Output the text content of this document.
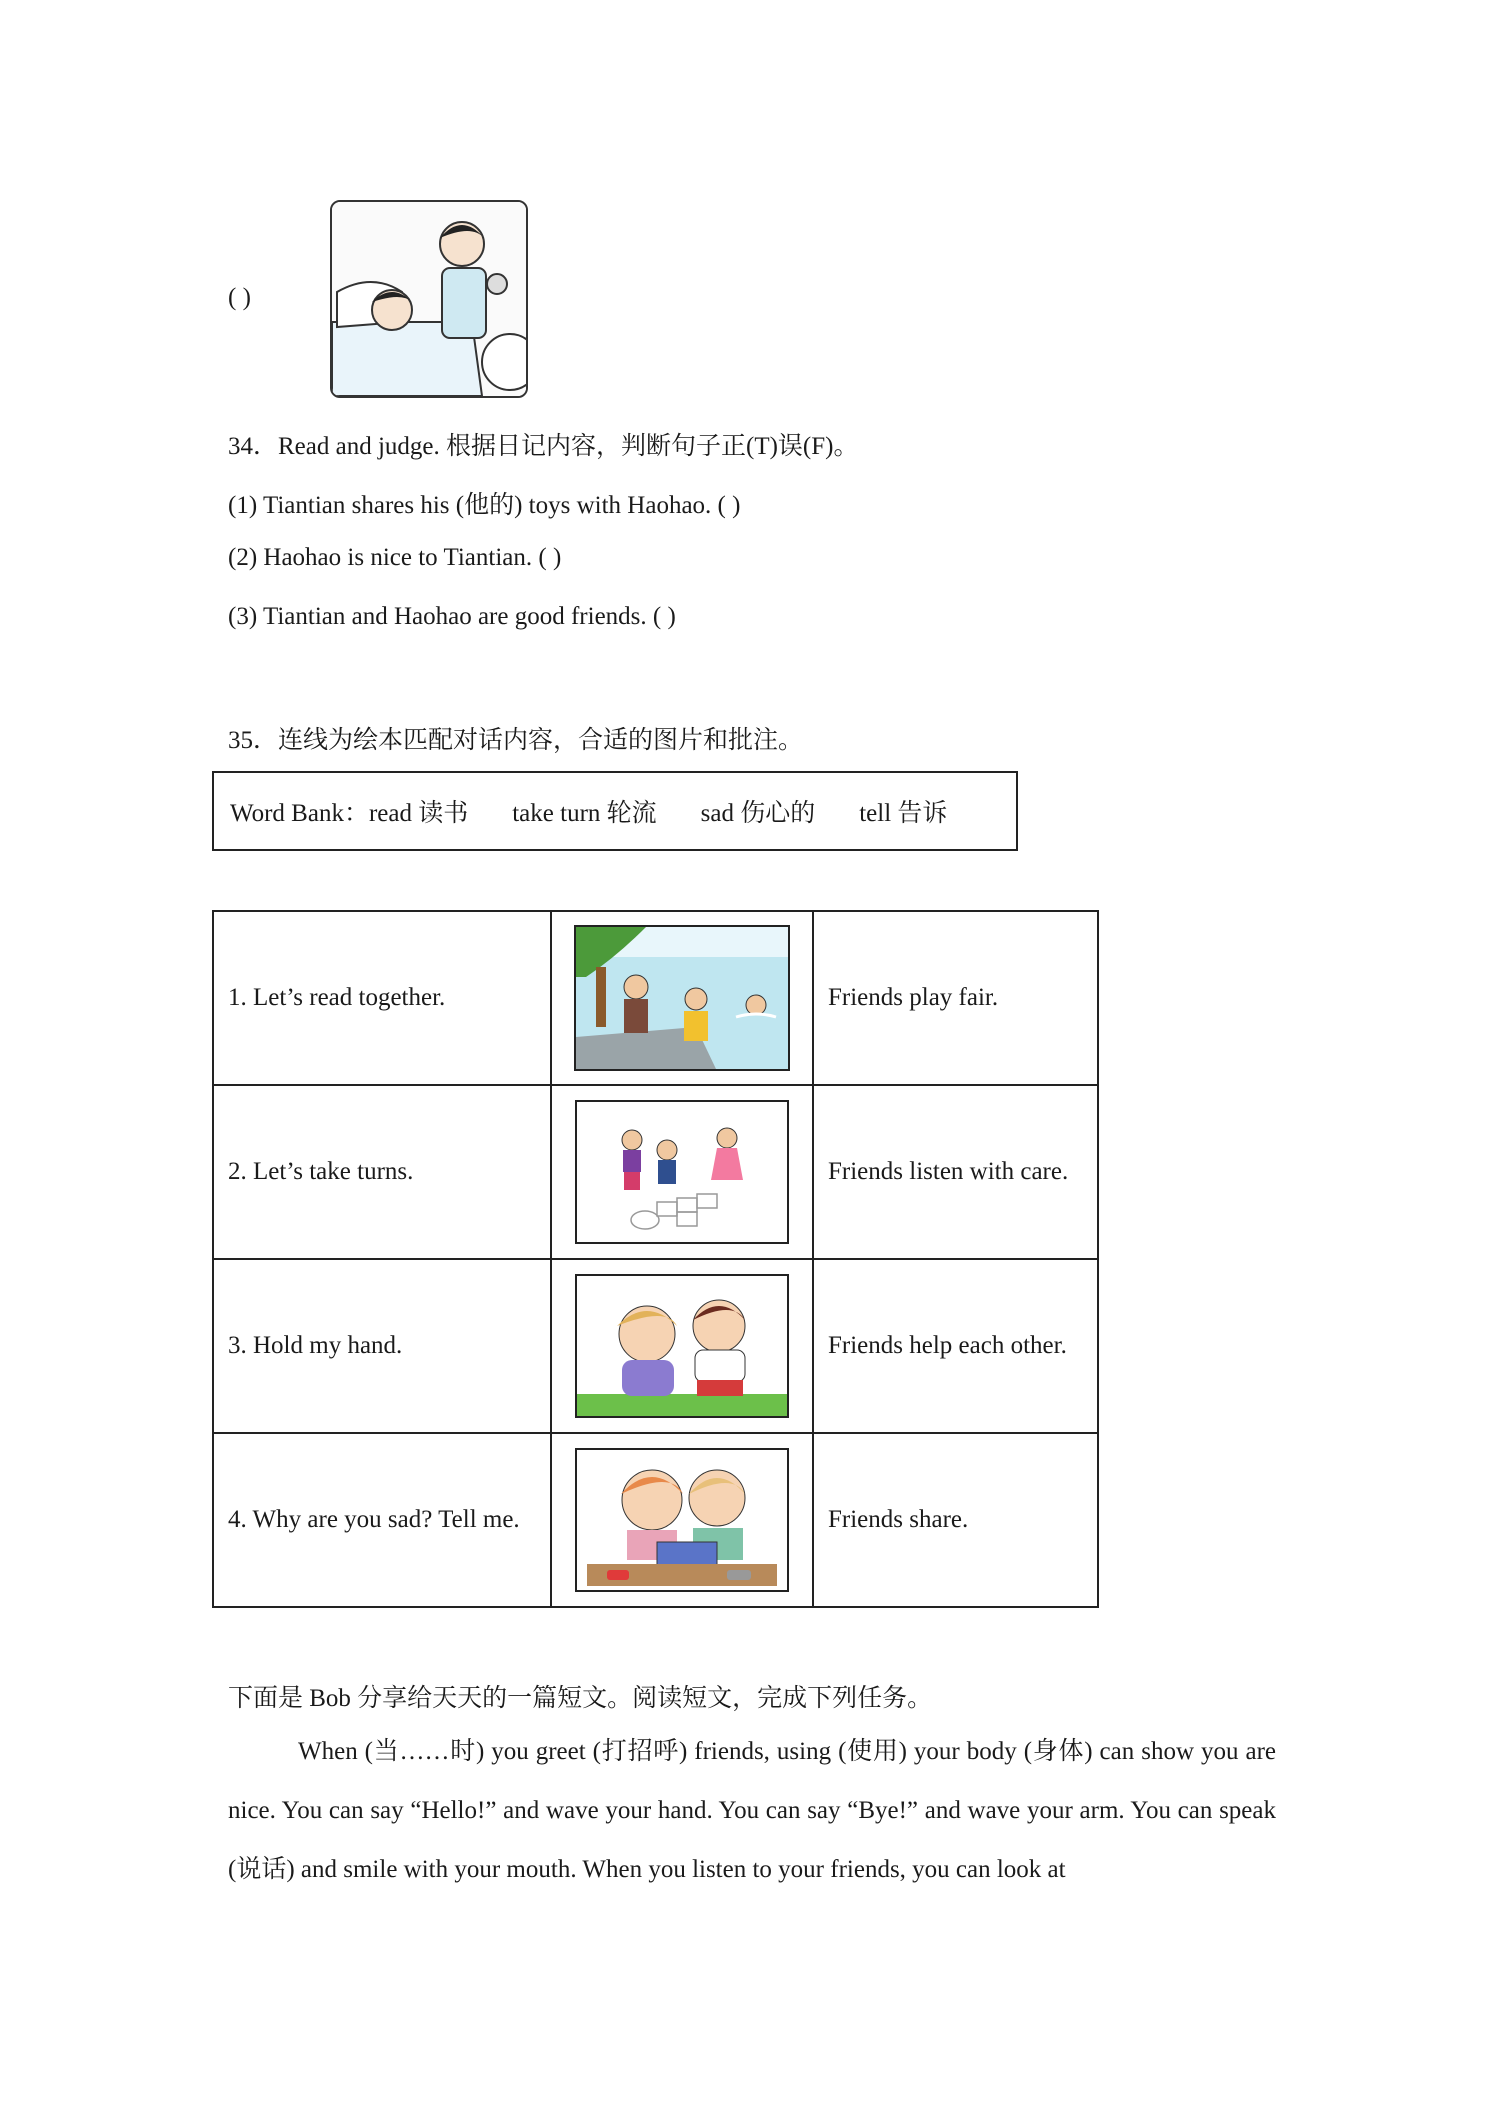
( )
34．Read and judge. 根据日记内容，判断句子正(T)误(F)。
(1) Tiantian shares his (他的) toys with Haohao. ( )
(2) Haohao is nice to Tiantian. ( )
(3) Tiantian and Haohao are good friends. ( )
35．连线为绘本匹配对话内容，合适的图片和批注。
Word Bank： read 读书 take turn 轮流 sad 伤心的 tell 告诉
1. Let’s read together.		Friends play fair.
2. Let’s take turns.		Friends listen with care.
3. Hold my hand.		Friends help each other.
4. Why are you sad? Tell me.		Friends share.
下面是 Bob 分享给天天的一篇短文。阅读短文，完成下列任务。
When (当……时) you greet (打招呼) friends, using (使用) your body (身体) can show you are nice. You can say “Hello!” and wave your hand. You can say “Bye!” and wave your arm. You can speak (说话) and smile with your mouth. When you listen to your friends, you can look at
